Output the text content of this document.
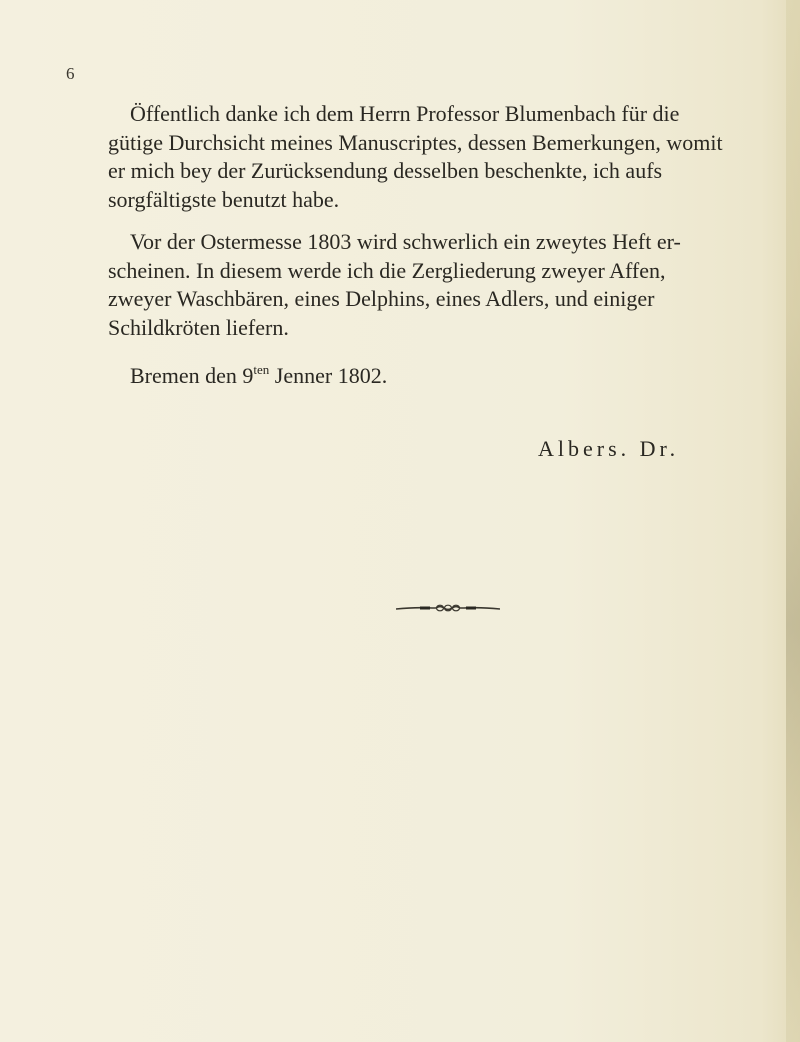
6

Öffentlich danke ich dem Herrn Professor Blumenbach für die
gütige Durchsicht meines Manuscriptes, dessen Bemerkungen, womit
er mich bey der Zurücksendung desselben beschenkte, ich aufs
sorgfältigste benutzt habe.

Vor der Ostermesse 1803 wird schwerlich ein zweytes Heft er-
scheinen. In diesem werde ich die Zergliederung zweyer Affen,
zweyer Waschbären, eines Delphins, eines Adlers, und einiger
Schildkröten liefern.

Bremen den $9^{ten}$ Jenner 1802.

Albers. Dr.
